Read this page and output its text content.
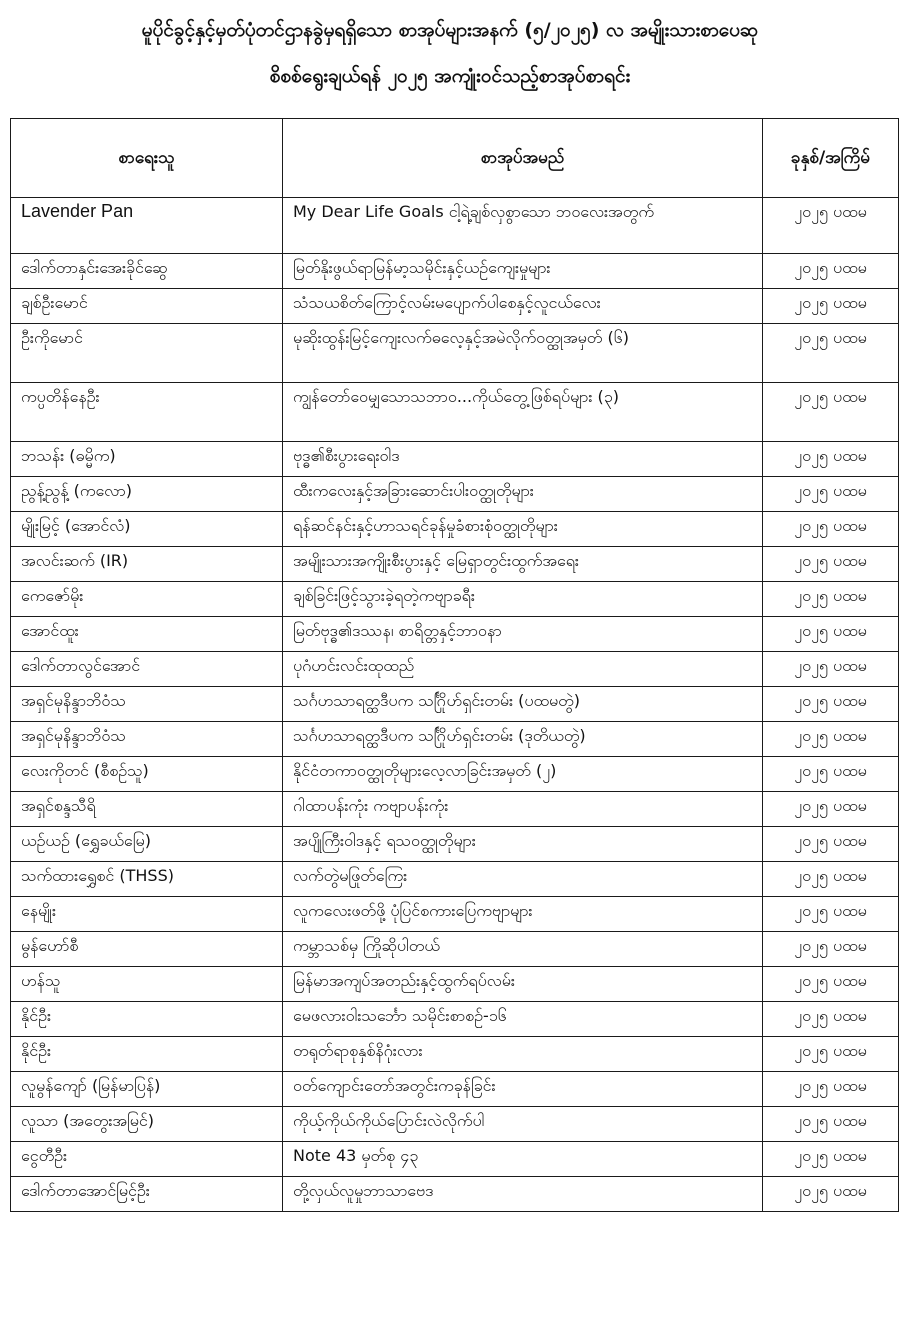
မူပိုင်ခွင့်နှင့်မှတ်ပုံတင်ဌာနခွဲမှရရှိသော စာအုပ်များအနက် (၅/၂၀၂၅) လ အမျိုးသားစာပေဆု
စိစစ်ရွေးချယ်ရန် ၂၀၂၅ အကျုံးဝင်သည့်စာအုပ်စာရင်း
စာရေးသူ	စာအုပ်အမည်	ခုနှစ်/အကြိမ်
Lavender Pan	My Dear Life Goals ငါ့ရဲ့ချစ်လှစွာသော ဘဝလေးအတွက်	၂၀၂၅ ပထမ
ဒေါက်တာနှင်းအေးခိုင်ဆွေ	မြတ်နိုးဖွယ်ရာမြန်မာ့သမိုင်းနှင့်ယဉ်ကျေးမှုများ	၂၀၂၅ ပထမ
ချစ်ဦးမောင်	သံသယစိတ်ကြောင့်လမ်းမပျောက်ပါစေနှင့်လူငယ်လေး	၂၀၂၅ ပထမ
ဦးကိုမောင်	မုဆိုးထွန်းမြင့်ကျေးလက်ဓလေ့နှင့်အမဲလိုက်ဝတ္ထုအမှတ် (၆)	၂၀၂၅ ပထမ
ကပ္ပတိန်နေဦး	ကျွန်တော်ဝေမျှသောသဘာဝ...ကိုယ်တွေ့ဖြစ်ရပ်များ (၃)	၂၀၂၅ ပထမ
ဘသန်း (ဓမ္မိက)	ဗုဒ္ဓ၏စီးပွားရေးဝါဒ	၂၀၂၅ ပထမ
ညွန့်ညွန့် (ကလော)	ထီးကလေးနှင့်အခြားဆောင်းပါးဝတ္ထုတိုများ	၂၀၂၅ ပထမ
မျိုးမြင့် (အောင်လံ)	ရန်ဆင်နင်းနှင့်ဟာသရင်ခုန်မှုခံစားစုံဝတ္ထုတိုများ	၂၀၂၅ ပထမ
အလင်းဆက် (IR)	အမျိုးသားအကျိုးစီးပွားနှင့် မြေရှာတွင်းထွက်အရေး	၂၀၂၅ ပထမ
ကေဇော်မိုး	ချစ်ခြင်းဖြင့်သွားခဲ့ရတဲ့ကဗျာခရီး	၂၀၂၅ ပထမ
အောင်ထူး	မြတ်ဗုဒ္ဓ၏ဒဿန၊ စာရိတ္တနှင့်ဘာဝနာ	၂၀၂၅ ပထမ
ဒေါက်တာလွင်အောင်	ပုဂံဟင်းလင်းထုထည်	၂၀၂၅ ပထမ
အရှင်မုနိန္ဒာဘိဝံသ	သင်္ဂဟသာရတ္ထဒီပက သင်္ဂြိုဟ်ရှင်းတမ်း (ပထမတွဲ)	၂၀၂၅ ပထမ
အရှင်မုနိန္ဒာဘိဝံသ	သင်္ဂဟသာရတ္ထဒီပက သင်္ဂြိုဟ်ရှင်းတမ်း (ဒုတိယတွဲ)	၂၀၂၅ ပထမ
လေးကိုတင် (စီစဉ်သူ)	နိုင်ငံတကာဝတ္ထုတိုများလေ့လာခြင်းအမှတ် (၂)	၂၀၂၅ ပထမ
အရှင်စန္ဒသီရိ	ဂါထာပန်းကုံး ကဗျာပန်းကုံး	၂၀၂၅ ပထမ
ယဉ်ယဉ် (ရွှေခယ်မြေ)	အပျိုကြီးဝါဒနှင့် ရသဝတ္ထုတိုများ	၂၀၂၅ ပထမ
သက်ထားရွှေစင် (THSS)	လက်တွဲမဖြုတ်ကြေး	၂၀၂၅ ပထမ
နေမျိုး	လူကလေးဖတ်ဖို့ ပုံပြင်စကားပြေကဗျာများ	၂၀၂၅ ပထမ
မွန်ဟော်စီ	ကမ္ဘာသစ်မှ ကြိုဆိုပါတယ်	၂၀၂၅ ပထမ
ဟန်သူ	မြန်မာအကျပ်အတည်းနှင့်ထွက်ရပ်လမ်း	၂၀၂၅ ပထမ
နိုင်ဦး	မေဖလားဝါးသင်္ဘော သမိုင်းစာစဉ်-၁၆	၂၀၂၅ ပထမ
နိုင်ဦး	တရုတ်ရာစုနှစ်နိဂုံးလား	၂၀၂၅ ပထမ
လူမွန်ကျော် (မြန်မာပြန်)	ဝတ်ကျောင်းတော်အတွင်းကခုန်ခြင်း	၂၀၂၅ ပထမ
လူသာ (အတွေးအမြင်)	ကိုယ့်ကိုယ်ကိုယ်ပြောင်းလဲလိုက်ပါ	၂၀၂၅ ပထမ
ငွေတီဦး	Note 43 မှတ်စု ၄၃	၂၀၂၅ ပထမ
ဒေါက်တာအောင်မြင့်ဦး	တို့လှယ်လူမှုဘာသာဗေဒ	၂၀၂၅ ပထမ
